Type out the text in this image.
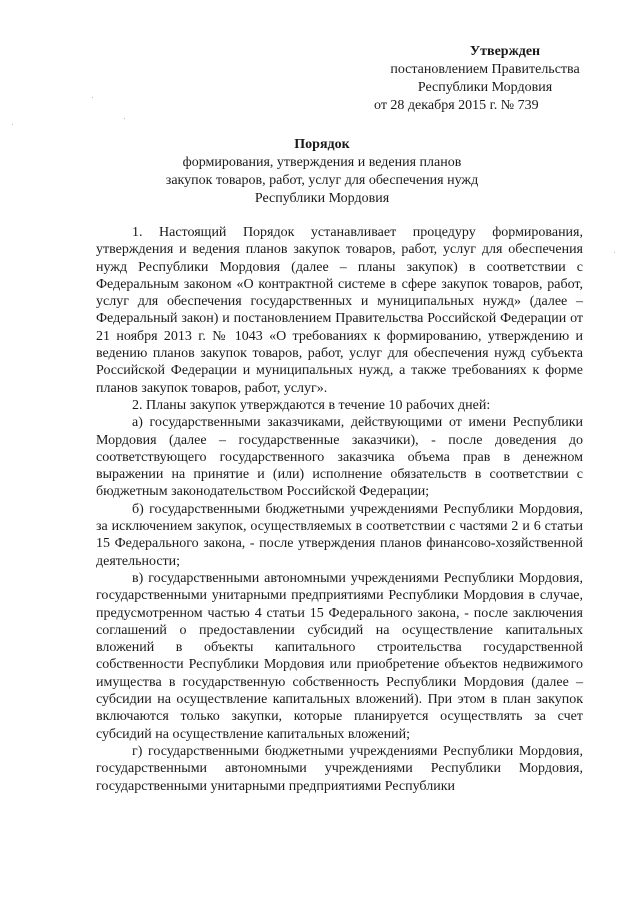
Утвержден
постановлением Правительства
Республики Мордовия
от 28 декабря 2015 г. № 739
Порядок
формирования, утверждения и ведения планов
закупок товаров, работ, услуг для обеспечения нужд
Республики Мордовия

1. Настоящий Порядок устанавливает процедуру формирования, утверждения и ведения планов закупок товаров, работ, услуг для обеспечения нужд Республики Мордовия (далее – планы закупок) в соответствии с Федеральным законом «О контрактной системе в сфере закупок товаров, работ, услуг для обеспечения государственных и муниципальных нужд» (далее – Федеральный закон) и постановлением Правительства Российской Федерации от 21 ноября 2013 г. № 1043 «О требованиях к формированию, утверждению и ведению планов закупок товаров, работ, услуг для обеспечения нужд субъекта Российской Федерации и муниципальных нужд, а также требованиях к форме планов закупок товаров, работ, услуг».

2. Планы закупок утверждаются в течение 10 рабочих дней:

а) государственными заказчиками, действующими от имени Республики Мордовия (далее – государственные заказчики), - после доведения до соответствующего государственного заказчика объема прав в денежном выражении на принятие и (или) исполнение обязательств в соответствии с бюджетным законодательством Российской Федерации;

б) государственными бюджетными учреждениями Республики Мордовия, за исключением закупок, осуществляемых в соответствии с частями 2 и 6 статьи 15 Федерального закона, - после утверждения планов финансово-хозяйственной деятельности;

в) государственными автономными учреждениями Республики Мордовия, государственными унитарными предприятиями Республики Мордовия в случае, предусмотренном частью 4 статьи 15 Федерального закона, - после заключения соглашений о предоставлении субсидий на осуществление капитальных вложений в объекты капитального строительства государственной собственности Республики Мордовия или приобретение объектов недвижимого имущества в государственную собственность Республики Мордовия (далее – субсидии на осуществление капитальных вложений). При этом в план закупок включаются только закупки, которые планируется осуществлять за счет субсидий на осуществление капитальных вложений;

г) государственными бюджетными учреждениями Республики Мордовия, государственными автономными учреждениями Республики Мордовия, государственными унитарными предприятиями Республики
